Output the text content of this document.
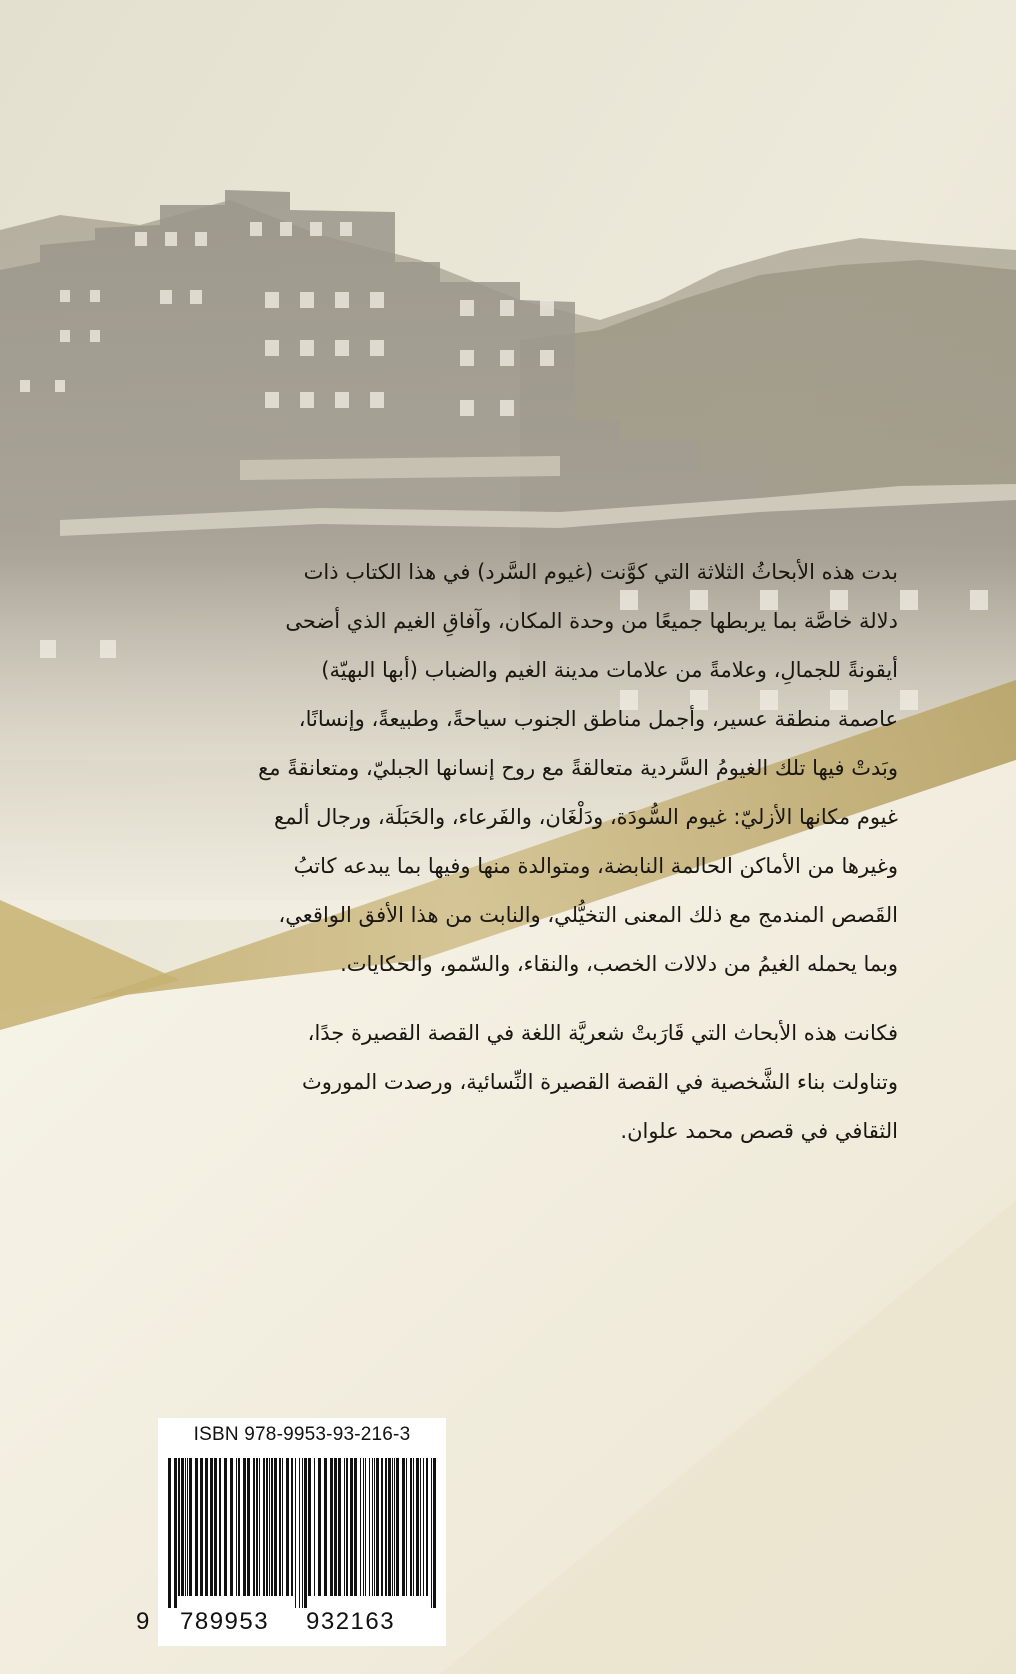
بدت هذه الأبحاثُ الثلاثة التي كوَّنت (غيوم السَّرد) في هذا الكتاب ذات
دلالة خاصَّة بما يربطها جميعًا من وحدة المكان، وآفاقِ الغيم الذي أضحى
أيقونةً للجمالِ، وعلامةً من علامات مدينة الغيم والضباب (أبها البهيّة)
عاصمة منطقة عسير، وأجمل مناطق الجنوب سياحةً، وطبيعةً، وإنسانًا،
وبَدتْ فيها تلك الغيومُ السَّردية متعالقةً مع روح إنسانها الجبليّ، ومتعانقةً مع
غيوم مكانها الأزليّ: غيوم السُّودَة، ودَلْغَان، والفَرعاء، والحَبَلَة، ورجال ألمع
وغيرها من الأماكن الحالمة النابضة، ومتوالدة منها وفيها بما يبدعه كاتبُ
القَصص المندمج مع ذلك المعنى التخيُّلي، والنابت من هذا الأفق الواقعي،
وبما يحمله الغيمُ من دلالات الخصب، والنقاء، والسّمو، والحكايات.

فكانت هذه الأبحاث التي قَارَبتْ شعريَّة اللغة في القصة القصيرة جدًا،
وتناولت بناء الشَّخصية في القصة القصيرة النِّسائية، ورصدت الموروث
الثقافي في قصص محمد علوان.

ISBN 978-9953-93-216-3
9 789953 932163
